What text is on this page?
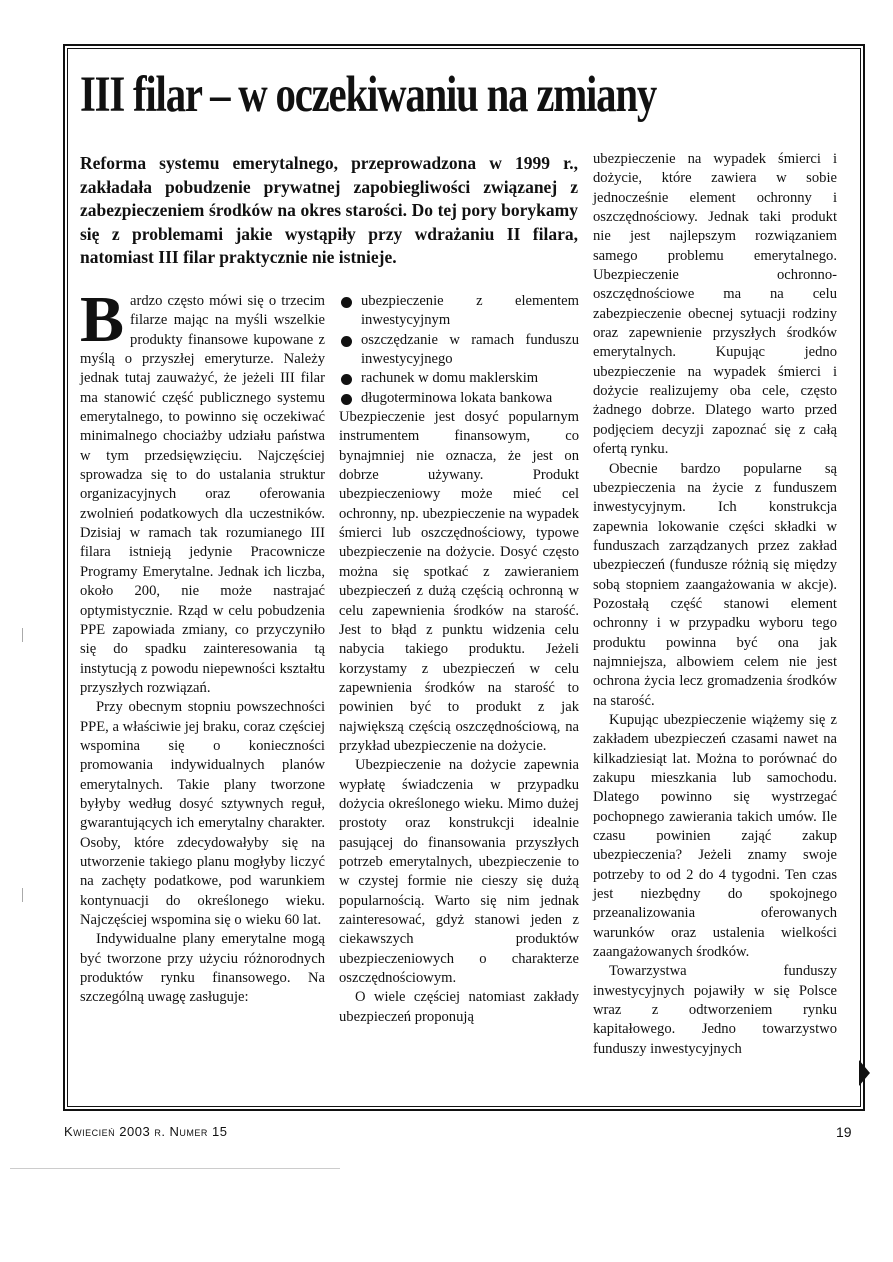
III filar – w oczekiwaniu na zmiany
Reforma systemu emerytalnego, przeprowadzona w 1999 r., zakładała pobudzenie prywatnej zapobiegliwości związanej z zabezpieczeniem środków na okres starości. Do tej pory borykamy się z problemami jakie wystąpiły przy wdrażaniu II filara, natomiast III filar praktycznie nie istnieje.

Bardzo często mówi się o trzecim filarze mając na myśli wszelkie produkty finansowe kupowane z myślą o przyszłej emeryturze. Należy jednak tutaj zauważyć, że jeżeli III filar ma stanowić część publicznego systemu emerytalnego, to powinno się oczekiwać minimalnego chociażby udziału państwa w tym przedsięwzięciu. Najczęściej sprowadza się to do ustalania struktur organizacyjnych oraz oferowania zwolnień podatkowych dla uczestników. Dzisiaj w ramach tak rozumianego III filara istnieją jedynie Pracownicze Programy Emerytalne. Jednak ich liczba, około 200, nie może nastrajać optymistycznie. Rząd w celu pobudzenia PPE zapowiada zmiany, co przyczyniło się do spadku zainteresowania tą instytucją z powodu niepewności kształtu przyszłych rozwiązań.

Przy obecnym stopniu powszechności PPE, a właściwie jej braku, coraz częściej wspomina się o konieczności promowania indywidualnych planów emerytalnych. Takie plany tworzone byłyby według dosyć sztywnych reguł, gwarantujących ich emerytalny charakter. Osoby, które zdecydowałyby się na utworzenie takiego planu mogłyby liczyć na zachęty podatkowe, pod warunkiem kontynuacji do określonego wieku. Najczęściej wspomina się o wieku 60 lat.

Indywidualne plany emerytalne mogą być tworzone przy użyciu różnorodnych produktów rynku finansowego. Na szczególną uwagę zasługuje:

ubezpieczenie z elementem inwestycyjnym
oszczędzanie w ramach funduszu inwestycyjnego
rachunek w domu maklerskim
długoterminowa lokata bankowa

Ubezpieczenie jest dosyć popularnym instrumentem finansowym, co bynajmniej nie oznacza, że jest on dobrze używany. Produkt ubezpieczeniowy może mieć cel ochronny, np. ubezpieczenie na wypadek śmierci lub oszczędnościowy, typowe ubezpieczenie na dożycie. Dosyć często można się spotkać z zawieraniem ubezpieczeń z dużą częścią ochronną w celu zapewnienia środków na starość. Jest to błąd z punktu widzenia celu nabycia takiego produktu. Jeżeli korzystamy z ubezpieczeń w celu zapewnienia środków na starość to powinien być to produkt z jak największą częścią oszczędnościową, na przykład ubezpieczenie na dożycie.

Ubezpieczenie na dożycie zapewnia wypłatę świadczenia w przypadku dożycia określonego wieku. Mimo dużej prostoty oraz konstrukcji idealnie pasującej do finansowania przyszłych potrzeb emerytalnych, ubezpieczenie to w czystej formie nie cieszy się dużą popularnością. Warto się nim jednak zainteresować, gdyż stanowi jeden z ciekawszych produktów ubezpieczeniowych o charakterze oszczędnościowym.

O wiele częściej natomiast zakłady ubezpieczeń proponują

ubezpieczenie na wypadek śmierci i dożycie, które zawiera w sobie jednocześnie element ochronny i oszczędnościowy. Jednak taki produkt nie jest najlepszym rozwiązaniem samego problemu emerytalnego. Ubezpieczenie ochronno-oszczędnościowe ma na celu zabezpieczenie obecnej sytuacji rodziny oraz zapewnienie przyszłych środków emerytalnych. Kupując jedno ubezpieczenie na wypadek śmierci i dożycie realizujemy oba cele, często żadnego dobrze. Dlatego warto przed podjęciem decyzji zapoznać się z całą ofertą rynku.

Obecnie bardzo popularne są ubezpieczenia na życie z funduszem inwestycyjnym. Ich konstrukcja zapewnia lokowanie części składki w funduszach zarządzanych przez zakład ubezpieczeń (fundusze różnią się między sobą stopniem zaangażowania w akcje). Pozostałą część stanowi element ochronny i w przypadku wyboru tego produktu powinna być ona jak najmniejsza, albowiem celem nie jest ochrona życia lecz gromadzenia środków na starość.

Kupując ubezpieczenie wiążemy się z zakładem ubezpieczeń czasami nawet na kilkadziesiąt lat. Można to porównać do zakupu mieszkania lub samochodu. Dlatego powinno się wystrzegać pochopnego zawierania takich umów. Ile czasu powinien zająć zakup ubezpieczenia? Jeżeli znamy swoje potrzeby to od 2 do 4 tygodni. Ten czas jest niezbędny do spokojnego przeanalizowania oferowanych warunków oraz ustalenia wielkości zaangażowanych środków.

Towarzystwa funduszy inwestycyjnych pojawiły w się Polsce wraz z odtworzeniem rynku kapitałowego. Jedno towarzystwo funduszy inwestycyjnych

Kwiecień 2003 r. Numer 15	19
